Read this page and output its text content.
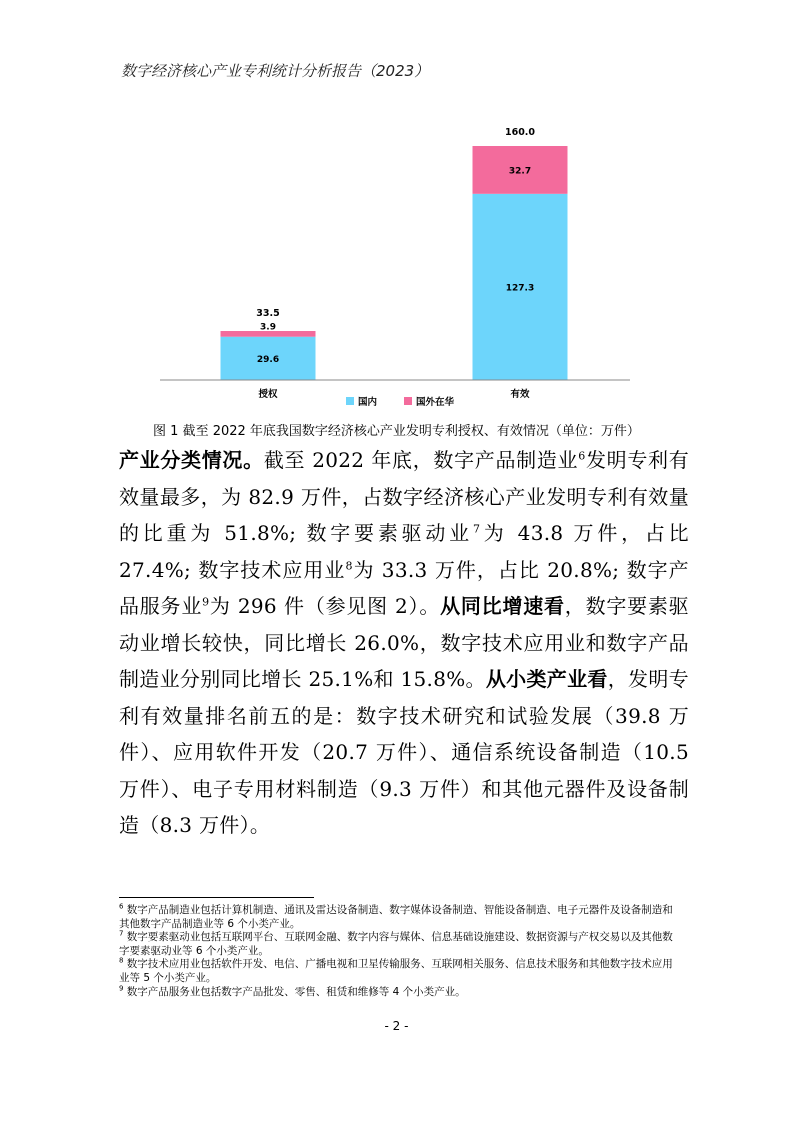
数字经济核心产业专利统计分析报告（2023）
29.6
3.9
33.5
授权
127.3
32.7
160.0
有效
国内	国外在华
图 1 截至 2022 年底我国数字经济核心产业发明专利授权、有效情况（单位：万件）

产业分类情况。截至 2022 年底，数字产品制造业$^6$发明专利有效量最多，为 82.9 万件，占数字经济核心产业发明专利有效量的比重为 51.8%; 数字要素驱动业$^7$为 43.8 万件，占比 27.4%; 数字技术应用业$^8$为 33.3 万件，占比 20.8%; 数字产品服务业$^9$为 296 件（参见图 2）。从同比增速看，数字要素驱动业增长较快，同比增长 26.0%，数字技术应用业和数字产品制造业分别同比增长 25.1%和 15.8%。从小类产业看，发明专利有效量排名前五的是：数字技术研究和试验发展（39.8 万件）、应用软件开发（20.7 万件）、通信系统设备制造（10.5 万件）、电子专用材料制造（9.3 万件）和其他元器件及设备制造（8.3 万件）。

$^6$ 数字产品制造业包括计算机制造、通讯及雷达设备制造、数字媒体设备制造、智能设备制造、电子元器件及设备制造和其他数字产品制造业等 6 个小类产业。

$^7$ 数字要素驱动业包括互联网平台、互联网金融、数字内容与媒体、信息基础设施建设、数据资源与产权交易以及其他数字要素驱动业等 6 个小类产业。

$^8$ 数字技术应用业包括软件开发、电信、广播电视和卫星传输服务、互联网相关服务、信息技术服务和其他数字技术应用业等 5 个小类产业。

$^9$ 数字产品服务业包括数字产品批发、零售、租赁和维修等 4 个小类产业。

- 2 -
